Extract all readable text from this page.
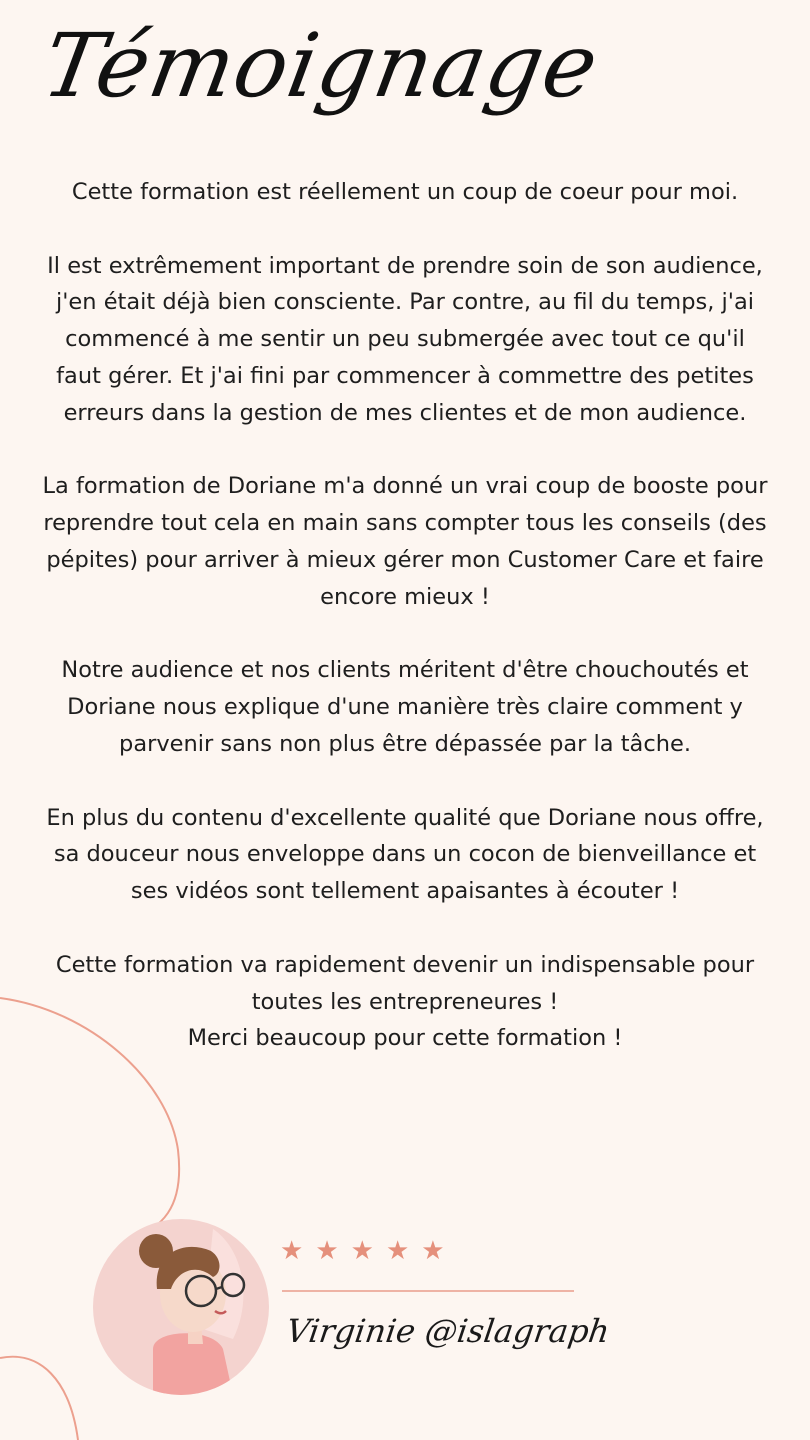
Témoignage

Cette formation est réellement un coup de coeur pour moi.

Il est extrêmement important de prendre soin de son audience, j'en était déjà bien consciente. Par contre, au fil du temps, j'ai commencé à me sentir un peu submergée avec tout ce qu'il faut gérer. Et j'ai fini par commencer à commettre des petites erreurs dans la gestion de mes clientes et de mon audience.

La formation de Doriane m'a donné un vrai coup de booste pour reprendre tout cela en main sans compter tous les conseils (des pépites) pour arriver à mieux gérer mon Customer Care et faire encore mieux !

Notre audience et nos clients méritent d'être chouchoutés et Doriane nous explique d'une manière très claire comment y parvenir sans non plus être dépassée par la tâche.

En plus du contenu d'excellente qualité que Doriane nous offre, sa douceur nous enveloppe dans un cocon de bienveillance et ses vidéos sont tellement apaisantes à écouter !

Cette formation va rapidement devenir un indispensable pour toutes les entrepreneures !
Merci beaucoup pour cette formation !

★ ★ ★ ★ ★

Virginie @islagraph
